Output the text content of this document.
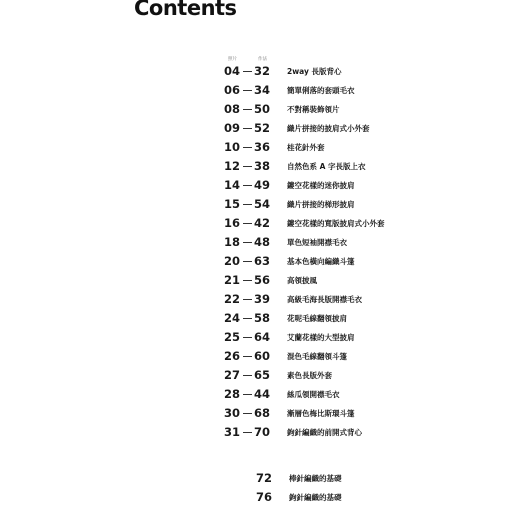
Contents
照片	作法
04 32 2way 長版背心
06 34 簡單俐落的套頭毛衣
08 50 不對稱裝飾領片
09 52 織片拼接的披肩式小外套
10 36 桂花針外套
12 38 自然色系 A 字長版上衣
14 49 鏤空花樣的迷你披肩
15 54 織片拼接的梯形披肩
16 42 鏤空花樣的寬版披肩式小外套
18 48 單色短袖開襟毛衣
20 63 基本色橫向編織斗篷
21 56 高領披風
22 39 高級毛海長版開襟毛衣
24 58 花呢毛線翻領披肩
25 64 艾蘭花樣的大型披肩
26 60 混色毛線翻領斗篷
27 65 素色長版外套
28 44 絲瓜領開襟毛衣
30 68 漸層色梅比斯環斗篷
31 70 鉤針編織的前開式背心
72 棒針編織的基礎
76 鉤針編織的基礎
